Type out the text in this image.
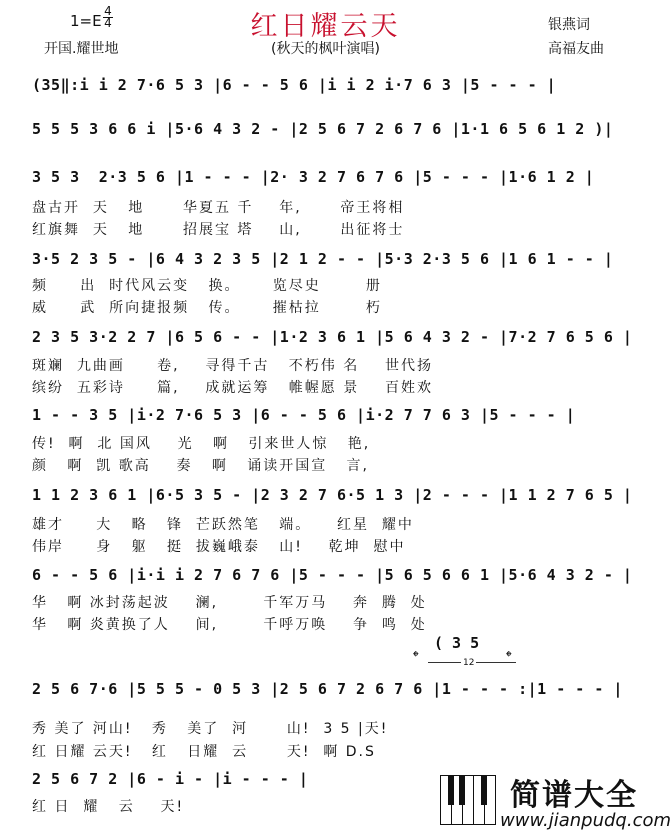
红日耀云天
1=E
4
4	银燕词
开国.耀世地	(秋天的枫叶演唱)	高福友曲
(35‖:i i 2 7·6 5 3 |6 - - 5 6 |i i 2 i·7 6 3 |5 - - - |
5 5 5 3 6 6 i |5·6 4 3 2 - |2 5 6 7 2 6 7 6 |1·1 6 5 6 1 2 )|
3 5 3  2·3 5 6 |1 - - - |2· 3 2 7 6 7 6 |5 - - - |1·6 1 2 |
盘古开  天   地      华夏五 千    年,      帝王将相
红旗舞  天   地      招展宝 塔    山,      出征将士
3·5 2 3 5 - |6 4 3 2 3 5 |2 1 2 - - |5·3 2·3 5 6 |1 6 1 - - |
频     出  时代风云变   换。     览尽史       册
威     武  所向捷报频   传。     摧枯拉       朽
2 3 5 3·2 2 7 |6 5 6 - - |1·2 3 6 1 |5 6 4 3 2 - |7·2 7 6 5 6 |
斑斓  九曲画     卷,    寻得千古   不朽伟 名    世代扬
缤纷  五彩诗     篇,    成就运筹   帷幄愿 景    百姓欢
1 - - 3 5 |i·2 7·6 5 3 |6 - - 5 6 |i·2 7 7 6 3 |5 - - - |
传!  啊  北 国风    光   啊   引来世人惊   艳,
颜   啊  凯 歌高    奏   啊   诵读开国宣   言,
1 1 2 3 6 1 |6·5 3 5 - |2 3 2 7 6·5 1 3 |2 - - - |1 1 2 7 6 5 |
雄才     大   略   锋  芒跃然笔   端。    红星  耀中
伟岸     身   躯   挺  拔巍峨泰   山!    乾坤  慰中
6 - - 5 6 |i·i i 2 7 6 7 6 |5 - - - |5 6 5 6 6 1 |5·6 4 3 2 - |
华   啊 冰封荡起波    澜,       千军万马    奔  腾  处
华   啊 炎黄换了人    间,       千呼万唤    争  鸣  处
( 3 5
𝄌	𝄌
12
2 5 6 7·6 |5 5 5 - 0 5 3 |2 5 6 7 2 6 7 6 |1 - - - :|1 - - - |
秀 美了 河山!   秀   美了  河      山!  3 5 |天!
红 日耀 云天!   红   日耀  云      天!  啊 D.S
2 5 6 7 2 |6 - i - |i - - - |
红 日  耀   云    天!	简谱大全
www.jianpudq.com
